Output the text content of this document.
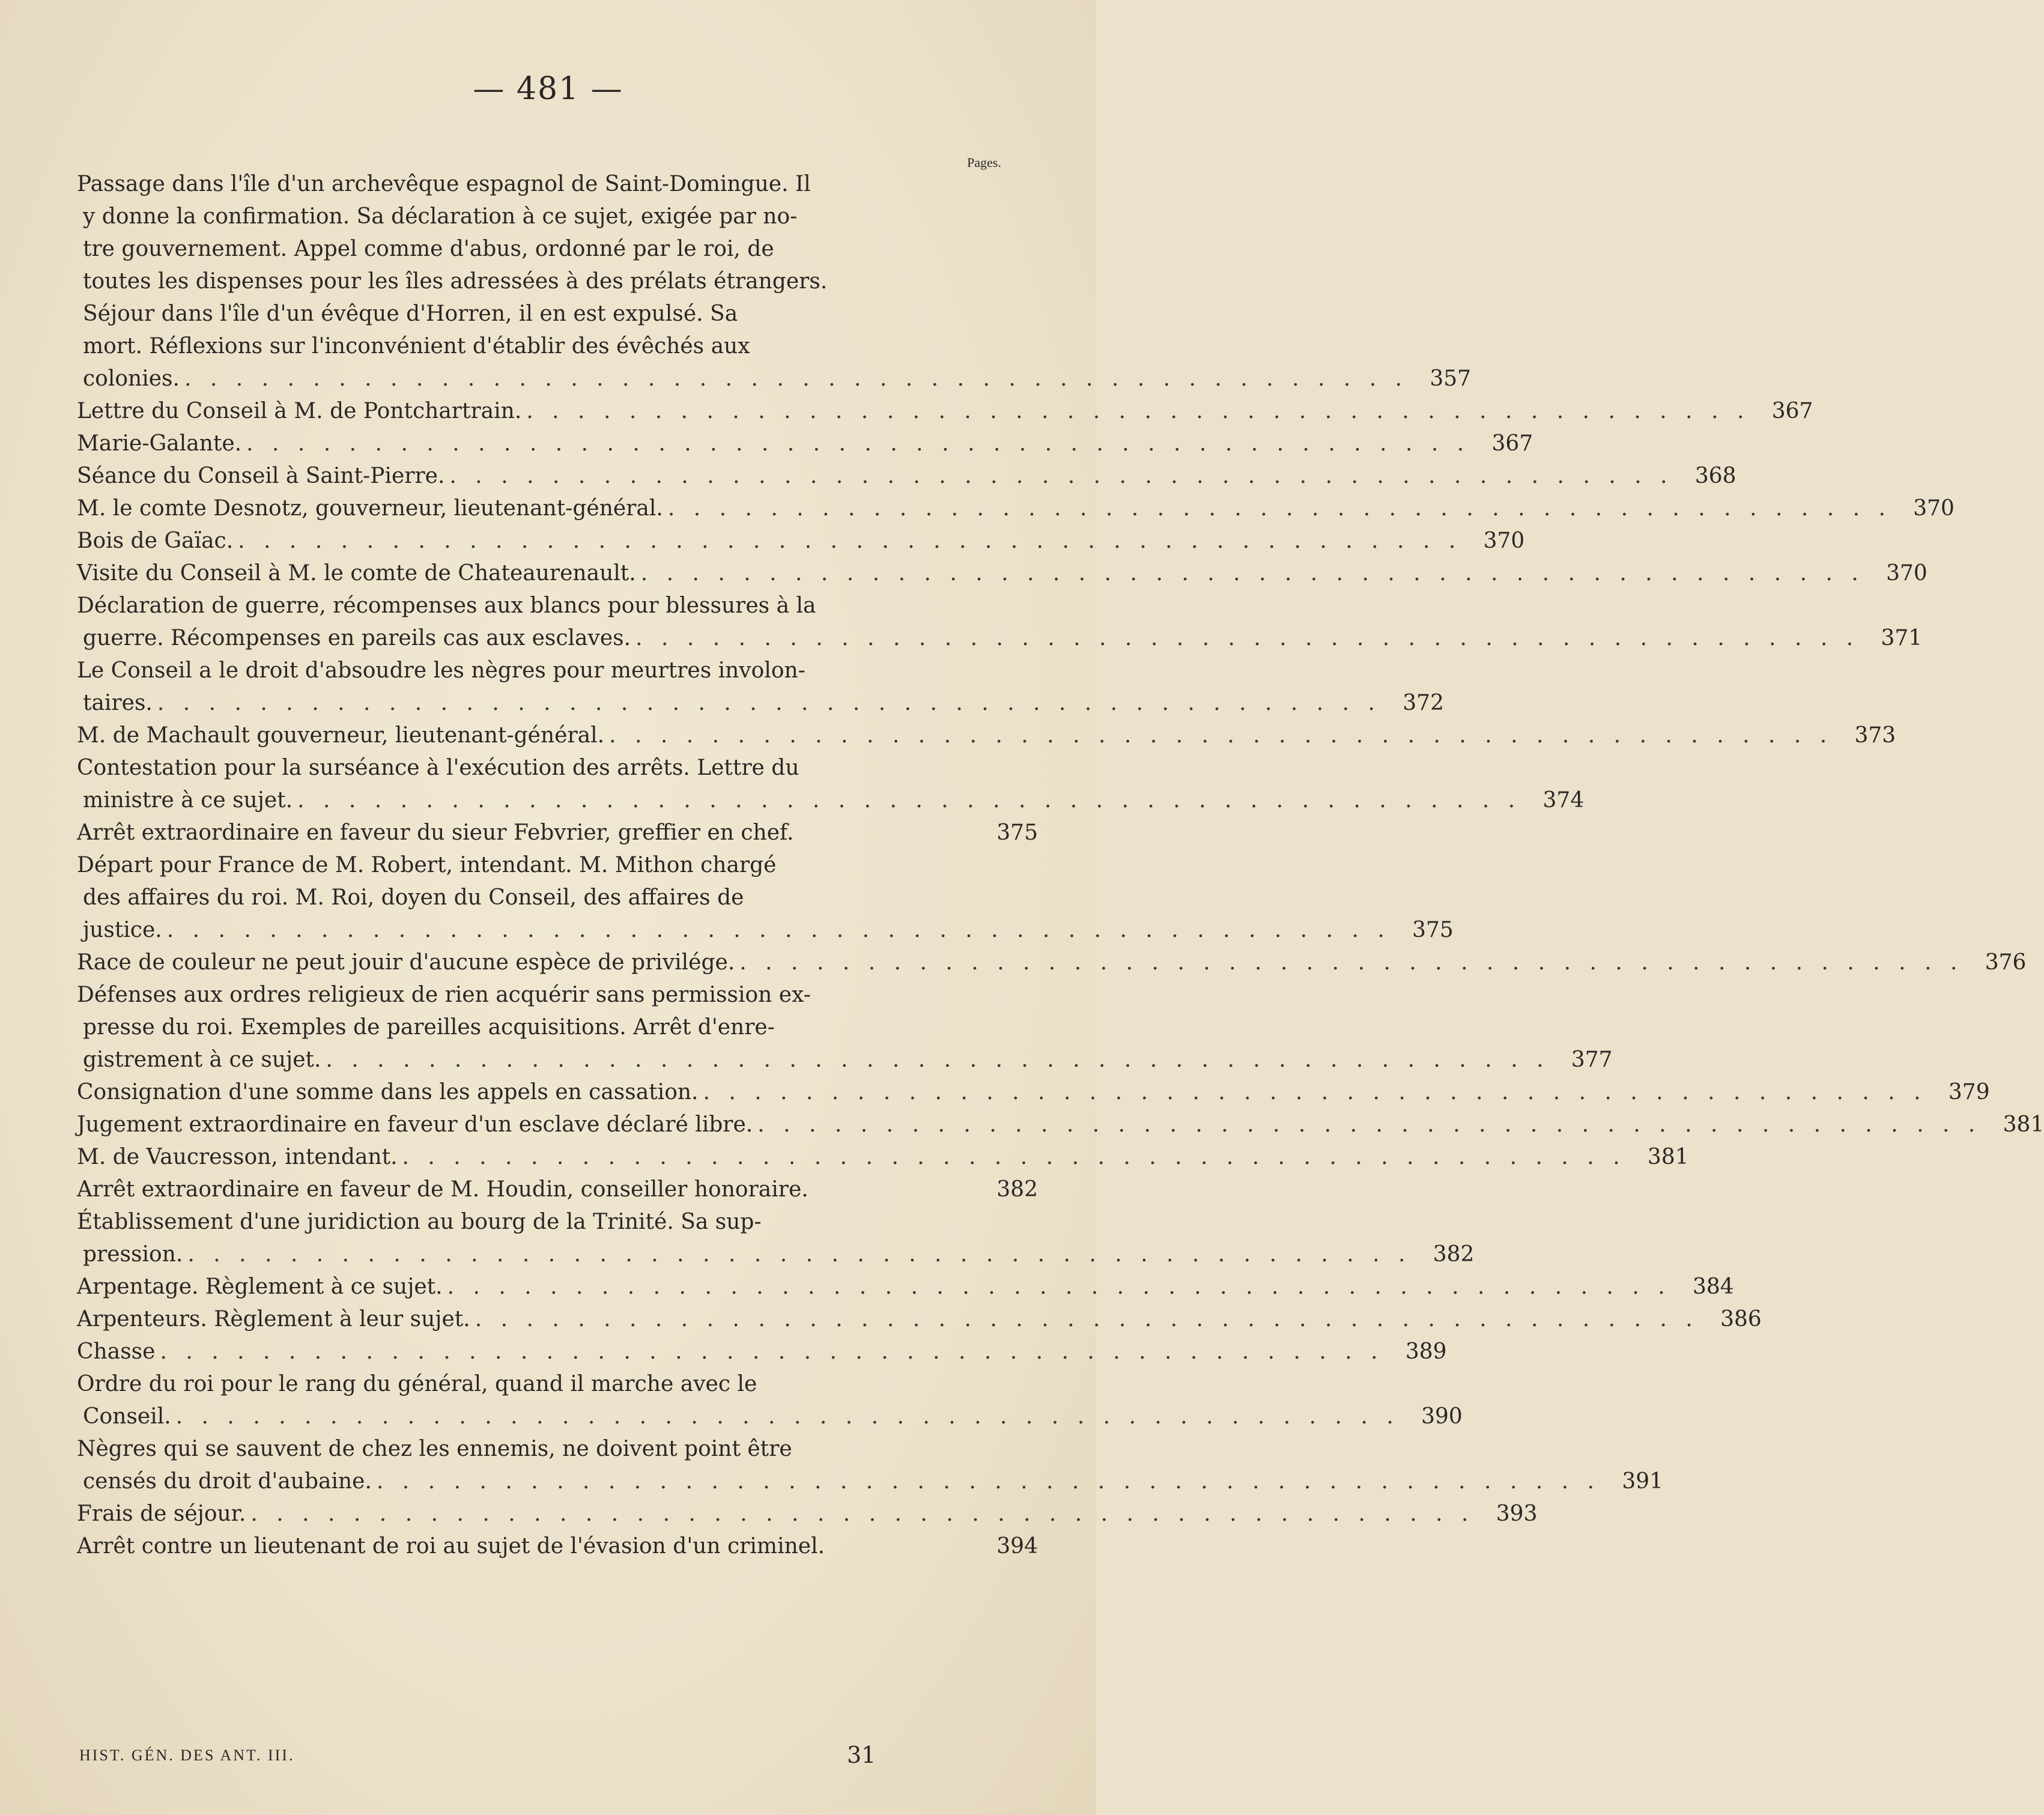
— 481 —
Pages.
Passage dans l'île d'un archevêque espagnol de Saint-Domingue. Il
y donne la confirmation. Sa déclaration à ce sujet, exigée par no-
tre gouvernement. Appel comme d'abus, ordonné par le roi, de
toutes les dispenses pour les îles adressées à des prélats étrangers.
Séjour dans l'île d'un évêque d'Horren, il en est expulsé. Sa
mort. Réflexions sur l'inconvénient d'établir des évêchés aux
colonies. . . . . . . . . . . . . . . . . . . . . . . . . . . . . . . . . . . . . . . . . . . . . . . . .	357
Lettre du Conseil à M. de Pontchartrain. . . . . . . . . . . . . . . . . . . . . . . . . . . . . . . . . . . . . . . . . . . . . . . . .	367
Marie-Galante. . . . . . . . . . . . . . . . . . . . . . . . . . . . . . . . . . . . . . . . . . . . . . . . .	367
Séance du Conseil à Saint-Pierre. . . . . . . . . . . . . . . . . . . . . . . . . . . . . . . . . . . . . . . . . . . . . . . . .	368
M. le comte Desnotz, gouverneur, lieutenant-général. . . . . . . . . . . . . . . . . . . . . . . . . . . . . . . . . . . . . . . . . . . . . . . . .	370
Bois de Gaïac. . . . . . . . . . . . . . . . . . . . . . . . . . . . . . . . . . . . . . . . . . . . . . . . .	370
Visite du Conseil à M. le comte de Chateaurenault. . . . . . . . . . . . . . . . . . . . . . . . . . . . . . . . . . . . . . . . . . . . . . . . .	370
Déclaration de guerre, récompenses aux blancs pour blessures à la
guerre. Récompenses en pareils cas aux esclaves. . . . . . . . . . . . . . . . . . . . . . . . . . . . . . . . . . . . . . . . . . . . . . . . .	371
Le Conseil a le droit d'absoudre les nègres pour meurtres involon-
taires. . . . . . . . . . . . . . . . . . . . . . . . . . . . . . . . . . . . . . . . . . . . . . . . .	372
M. de Machault gouverneur, lieutenant-général. . . . . . . . . . . . . . . . . . . . . . . . . . . . . . . . . . . . . . . . . . . . . . . . .	373
Contestation pour la surséance à l'exécution des arrêts. Lettre du
ministre à ce sujet. . . . . . . . . . . . . . . . . . . . . . . . . . . . . . . . . . . . . . . . . . . . . . . . .	374
Arrêt extraordinaire en faveur du sieur Febvrier, greffier en chef.	375
Départ pour France de M. Robert, intendant. M. Mithon chargé
des affaires du roi. M. Roi, doyen du Conseil, des affaires de
justice. . . . . . . . . . . . . . . . . . . . . . . . . . . . . . . . . . . . . . . . . . . . . . . . .	375
Race de couleur ne peut jouir d'aucune espèce de privilége. . . . . . . . . . . . . . . . . . . . . . . . . . . . . . . . . . . . . . . . . . . . . . . . .	376
Défenses aux ordres religieux de rien acquérir sans permission ex-
presse du roi. Exemples de pareilles acquisitions. Arrêt d'enre-
gistrement à ce sujet. . . . . . . . . . . . . . . . . . . . . . . . . . . . . . . . . . . . . . . . . . . . . . . . .	377
Consignation d'une somme dans les appels en cassation. . . . . . . . . . . . . . . . . . . . . . . . . . . . . . . . . . . . . . . . . . . . . . . . .	379
Jugement extraordinaire en faveur d'un esclave déclaré libre. . . . . . . . . . . . . . . . . . . . . . . . . . . . . . . . . . . . . . . . . . . . . . . . .	381
M. de Vaucresson, intendant. . . . . . . . . . . . . . . . . . . . . . . . . . . . . . . . . . . . . . . . . . . . . . . . .	381
Arrêt extraordinaire en faveur de M. Houdin, conseiller honoraire.	382
Établissement d'une juridiction au bourg de la Trinité. Sa sup-
pression. . . . . . . . . . . . . . . . . . . . . . . . . . . . . . . . . . . . . . . . . . . . . . . . .	382
Arpentage. Règlement à ce sujet. . . . . . . . . . . . . . . . . . . . . . . . . . . . . . . . . . . . . . . . . . . . . . . . .	384
Arpenteurs. Règlement à leur sujet. . . . . . . . . . . . . . . . . . . . . . . . . . . . . . . . . . . . . . . . . . . . . . . . .	386
Chasse . . . . . . . . . . . . . . . . . . . . . . . . . . . . . . . . . . . . . . . . . . . . . . . .	389
Ordre du roi pour le rang du général, quand il marche avec le
Conseil. . . . . . . . . . . . . . . . . . . . . . . . . . . . . . . . . . . . . . . . . . . . . . . . .	390
Nègres qui se sauvent de chez les ennemis, ne doivent point être
censés du droit d'aubaine. . . . . . . . . . . . . . . . . . . . . . . . . . . . . . . . . . . . . . . . . . . . . . . . .	391
Frais de séjour. . . . . . . . . . . . . . . . . . . . . . . . . . . . . . . . . . . . . . . . . . . . . . . . .	393
Arrêt contre un lieutenant de roi au sujet de l'évasion d'un criminel.	394
HIST. GÉN. DES ANT. III.	31
